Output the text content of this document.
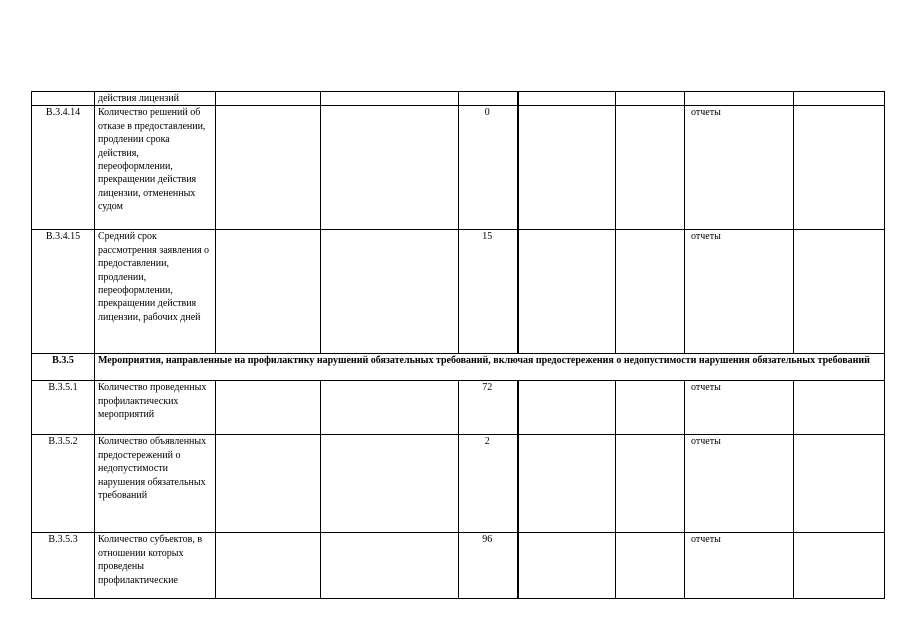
	действия лицензий							
В.3.4.14	Количество решений об отказе в предоставлении, продлении срока действия, переоформлении, прекращении действия лицензии, отмененных судом			0			отчеты	
В.3.4.15	Средний срок рассмотрения заявления о предоставлении, продлении, переоформлении, прекращении действия лицензии, рабочих дней			15			отчеты	
В.3.5	Мероприятия, направленные на профилактику нарушений обязательных требований, включая предостережения о недопустимости нарушения обязательных требований							
В.3.5.1	Количество проведенных профилактических мероприятий			72			отчеты	
В.3.5.2	Количество объявленных предостережений о недопустимости нарушения обязательных требований			2			отчеты	
В.3.5.3	Количество субъектов, в отношении которых проведены профилактические			96			отчеты	
